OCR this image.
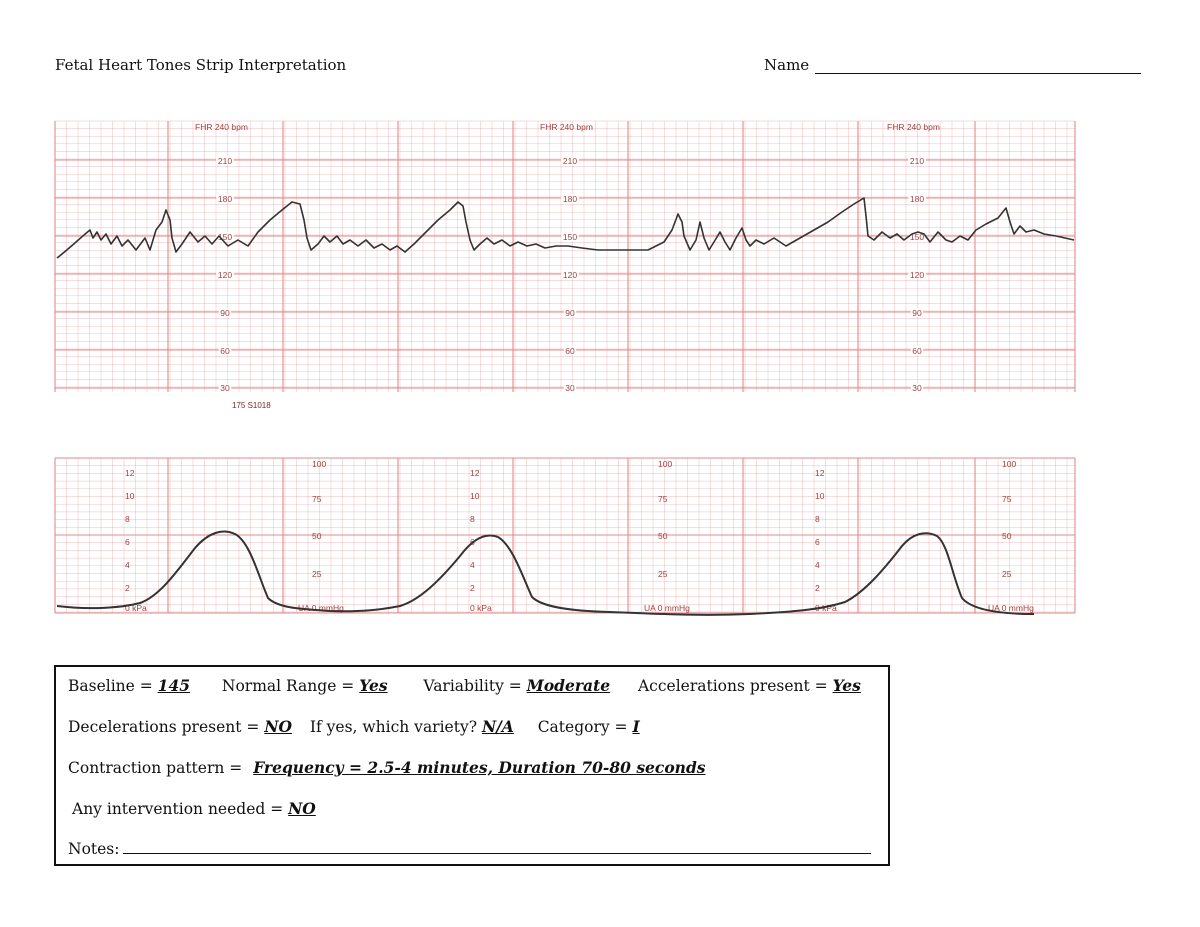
Fetal Heart Tones Strip Interpretation	Name
FHR 240 bpm
210
180
150
120
90
60
30
FHR 240 bpm
210
180
150
120
90
60
30
FHR 240 bpm
210
180
150
120
90
60
30
12
10
8
6
4
2
0 kPa
12
10
8
6
4
2
0 kPa
12
10
8
6
4
2
0 kPa
100
75
50
25
UA 0 mmHg
100
75
50
25
UA 0 mmHg
100
75
50
25
UA 0 mmHg
175 S1018
Baseline = 145 Normal Range = Yes Variability = Moderate Accelerations present = Yes
Decelerations present = NO If yes, which variety? N/A Category = I
Contraction pattern = Frequency = 2.5-4 minutes, Duration 70-80 seconds
Any intervention needed = NO
Notes:
